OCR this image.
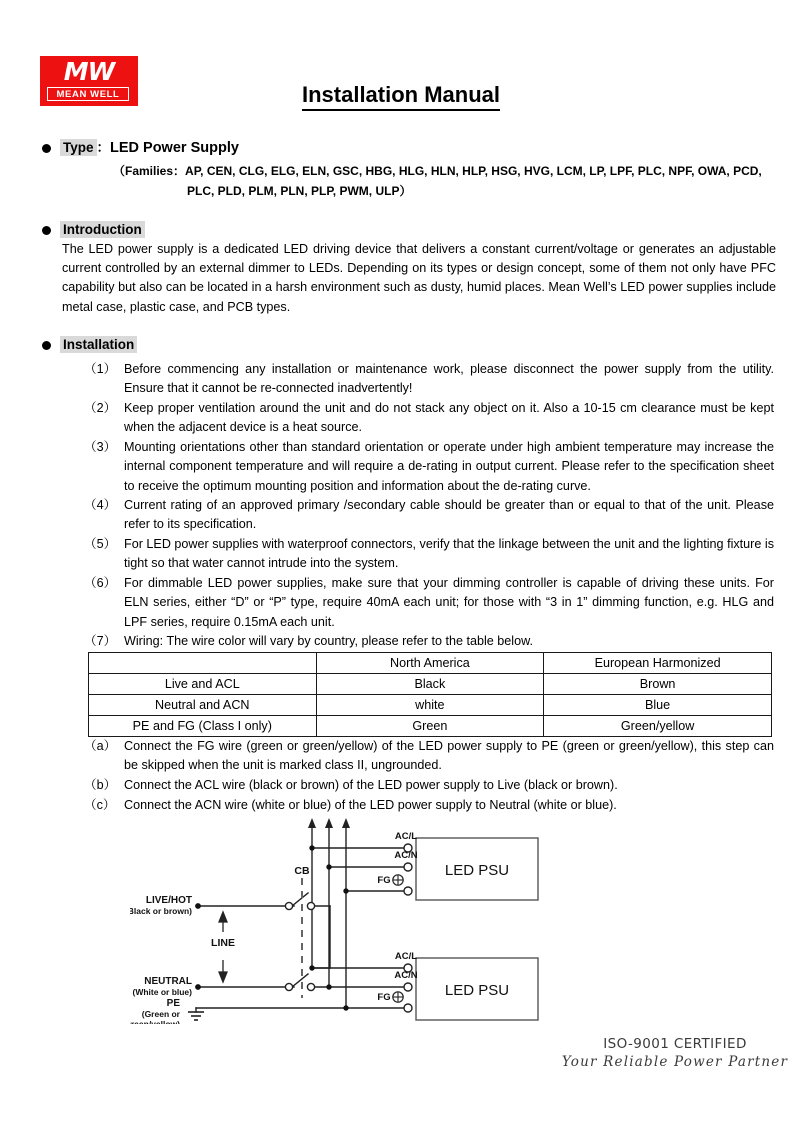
MW
MEAN WELL	Installation Manual
Type ： LED Power Supply
（Families：AP, CEN, CLG, ELG, ELN, GSC, HBG, HLG, HLN, HLP, HSG, HVG, LCM, LP, LPF, PLC, NPF, OWA, PCD,
PLC, PLD, PLM, PLN, PLP, PWM, ULP）
Introduction
The LED power supply is a dedicated LED driving device that delivers a constant current/voltage or generates an adjustable current controlled by an external dimmer to LEDs. Depending on its types or design concept, some of them not only have PFC capability but also can be located in a harsh environment such as dusty, humid places. Mean Well’s LED power supplies include metal case, plastic case, and PCB types.
Installation
（1） Before commencing any installation or maintenance work, please disconnect the power supply from the utility. Ensure that it cannot be re-connected inadvertently!
（2） Keep proper ventilation around the unit and do not stack any object on it. Also a 10-15 cm clearance must be kept when the adjacent device is a heat source.
（3） Mounting orientations other than standard orientation or operate under high ambient temperature may increase the internal component temperature and will require a de-rating in output current. Please refer to the specification sheet to receive the optimum mounting position and information about the de-rating curve.
（4） Current rating of an approved primary /secondary cable should be greater than or equal to that of the unit. Please refer to its specification.
（5） For LED power supplies with waterproof connectors, verify that the linkage between the unit and the lighting fixture is tight so that water cannot intrude into the system.
（6） For dimmable LED power supplies, make sure that your dimming controller is capable of driving these units. For ELN series, either “D” or “P” type, require 40mA each unit; for those with “3 in 1” dimming function, e.g. HLG and LPF series, require 0.15mA each unit.
（7） Wiring: The wire color will vary by country, please refer to the table below.
	North America	European Harmonized
Live and ACL	Black	Brown
Neutral and ACN	white	Blue
PE and FG (Class I only)	Green	Green/yellow
（a） Connect the FG wire (green or green/yellow) of the LED power supply to PE (green or green/yellow), this step can be skipped when the unit is marked class II, ungrounded.
（b） Connect the ACL wire (black or brown) of the LED power supply to Live (black or brown).
（c） Connect the ACN wire (white or blue) of the LED power supply to Neutral (white or blue).
LED PSU
LED PSU
AC/L
AC/N
FG
AC/L
AC/N
FG
CB
LINE
LIVE/HOT
(Black or brown)
NEUTRAL
(White or blue)
PE
(Green or
green/yellow)
ISO-9001 CERTIFIED
Your Reliable Power Partner
